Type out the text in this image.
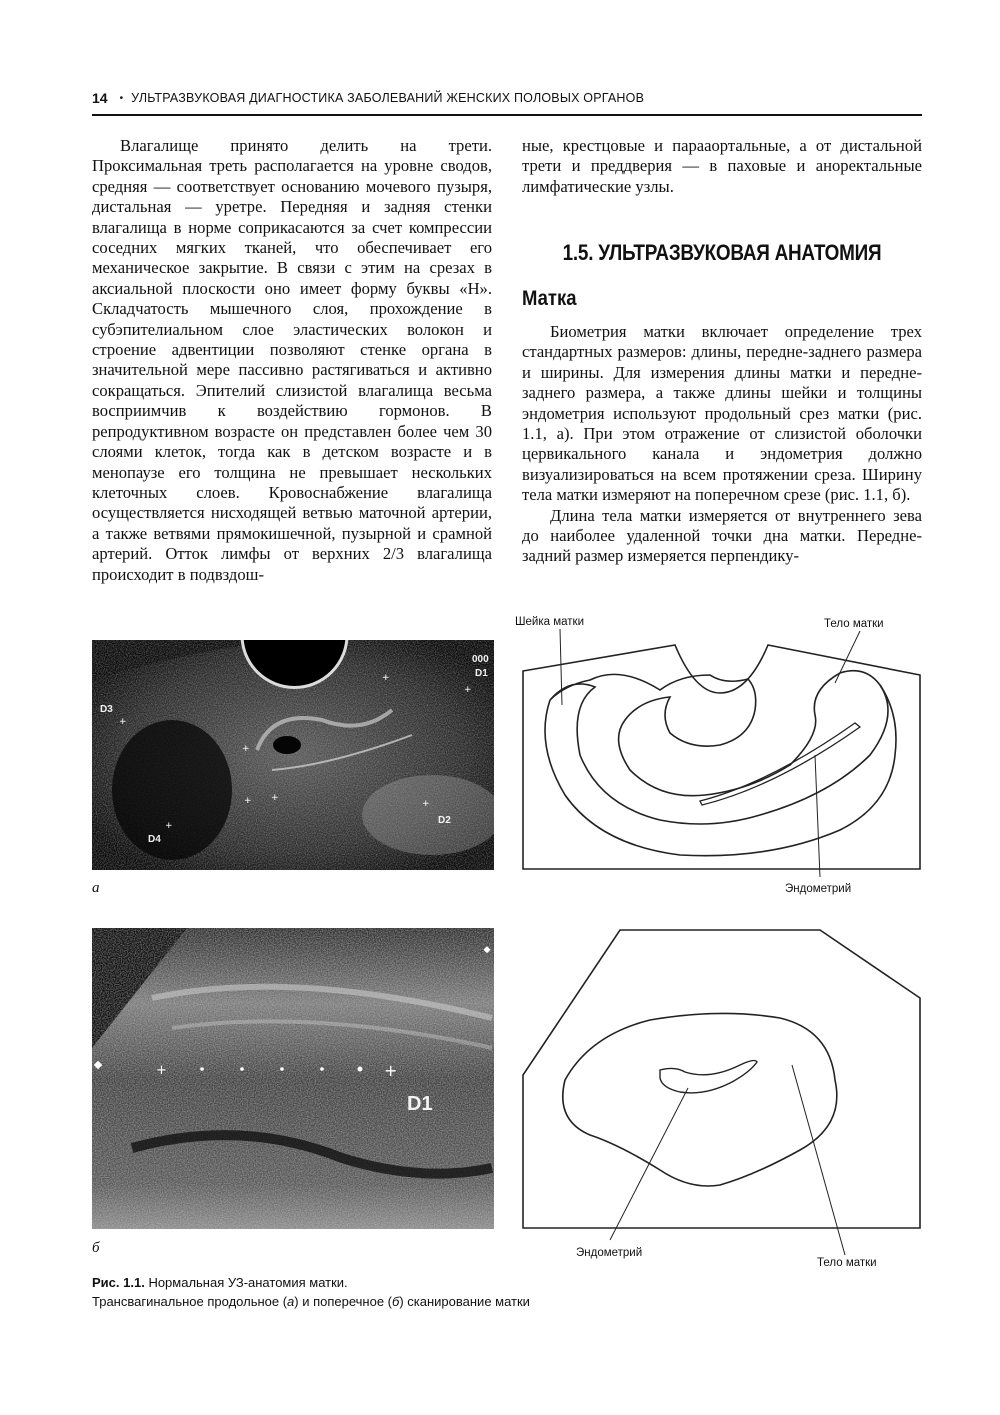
14 • УЛЬТРАЗВУКОВАЯ ДИАГНОСТИКА ЗАБОЛЕВАНИЙ ЖЕНСКИХ ПОЛОВЫХ ОРГАНОВ

Влагалище принято делить на трети. Проксимальная треть располагается на уровне сводов, средняя — соответствует основанию мочевого пузыря, дистальная — уретре. Передняя и задняя стенки влагалища в норме соприкасаются за счет компрессии соседних мягких тканей, что обеспечивает его механическое закрытие. В связи с этим на срезах в аксиальной плоскости оно имеет форму буквы «Н». Складчатость мышечного слоя, прохождение в субэпителиальном слое эластических волокон и строение адвентиции позволяют стенке органа в значительной мере пассивно растягиваться и активно сокращаться. Эпителий слизистой влагалища весьма восприимчив к воздействию гормонов. В репродуктивном возрасте он представлен более чем 30 слоями клеток, тогда как в детском возрасте и в менопаузе его толщина не превышает нескольких клеточных слоев. Кровоснабжение влагалища осуществляется нисходящей ветвью маточной артерии, а также ветвями прямокишечной, пузырной и срамной артерий. Отток лимфы от верхних 2/3 влагалища происходит в подвздош-

ные, крестцовые и парааортальные, а от дистальной трети и преддверия — в паховые и аноректальные лимфатические узлы.

1.5. УЛЬТРАЗВУКОВАЯ АНАТОМИЯ
Матка

Биометрия матки включает определение трех стандартных размеров: длины, передне-заднего размера и ширины. Для измерения длины матки и передне-заднего размера, а также длины шейки и толщины эндометрия используют продольный срез матки (рис. 1.1, а). При этом отражение от слизистой оболочки цервикального канала и эндометрия должно визуализироваться на всем протяжении среза. Ширину тела матки измеряют на поперечном срезе (рис. 1.1, б).

Длина тела матки измеряется от внутреннего зева до наиболее удаленной точки дна матки. Передне-задний размер измеряется перпендику-

000
D1
D3
D4
D2
+
+
+ +
+
+
+
+
а
Шейка матки	Тело матки
Эндометрий
+	+
D1
б	Эндометрий
Тело матки
Рис. 1.1. Нормальная УЗ-анатомия матки.
Трансвагинальное продольное (а) и поперечное (б) сканирование матки
